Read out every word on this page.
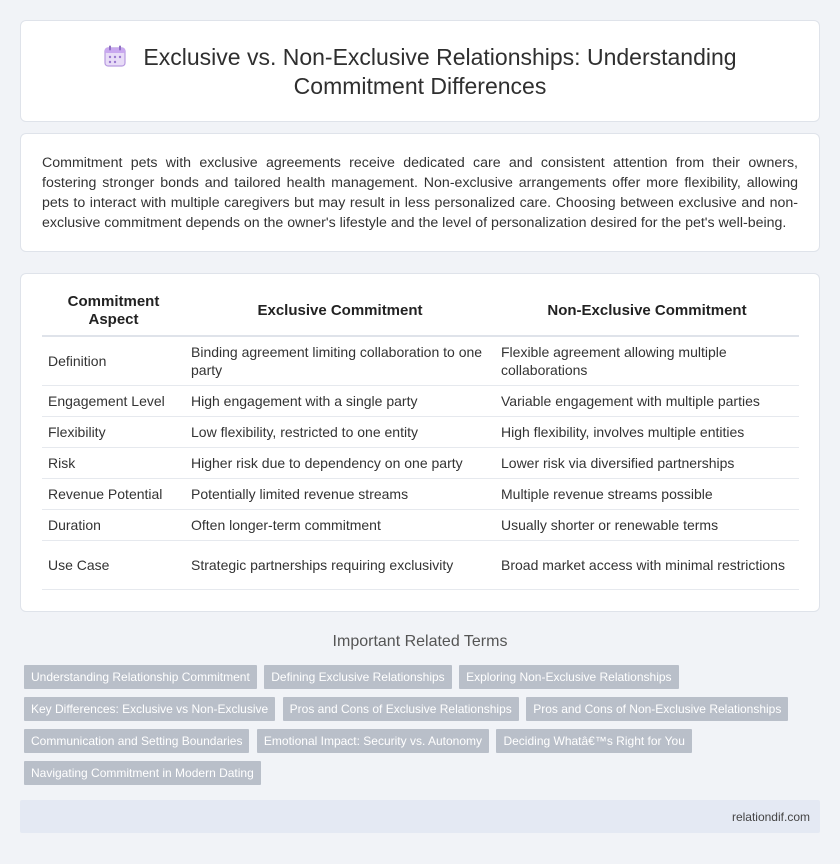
Exclusive vs. Non-Exclusive Relationships: Understanding Commitment Differences

Commitment pets with exclusive agreements receive dedicated care and consistent attention from their owners, fostering stronger bonds and tailored health management. Non-exclusive arrangements offer more flexibility, allowing pets to interact with multiple caregivers but may result in less personalized care. Choosing between exclusive and non-exclusive commitment depends on the owner's lifestyle and the level of personalization desired for the pet's well-being.

Commitment Aspect	Exclusive Commitment	Non-Exclusive Commitment
Definition	Binding agreement limiting collaboration to one party	Flexible agreement allowing multiple collaborations
Engagement Level	High engagement with a single party	Variable engagement with multiple parties
Flexibility	Low flexibility, restricted to one entity	High flexibility, involves multiple entities
Risk	Higher risk due to dependency on one party	Lower risk via diversified partnerships
Revenue Potential	Potentially limited revenue streams	Multiple revenue streams possible
Duration	Often longer-term commitment	Usually shorter or renewable terms
Use Case	Strategic partnerships requiring exclusivity	Broad market access with minimal restrictions
Important Related Terms
Understanding Relationship Commitment Defining Exclusive Relationships Exploring Non-Exclusive Relationships
Key Differences: Exclusive vs Non-Exclusive Pros and Cons of Exclusive Relationships Pros and Cons of Non-Exclusive Relationships
Communication and Setting Boundaries Emotional Impact: Security vs. Autonomy Deciding Whatâ€™s Right for You
Navigating Commitment in Modern Dating
relationdif.com
